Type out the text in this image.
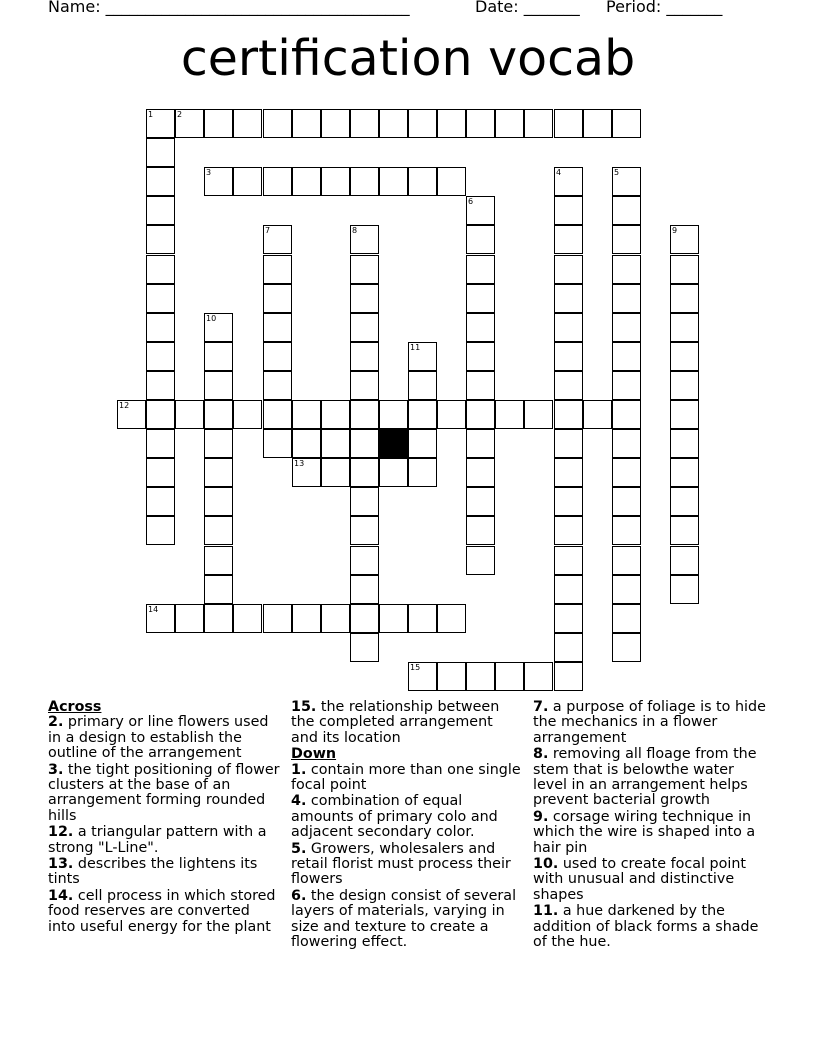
Name: ______________________________________	Date: _______ Period: _______
certification vocab
1	2
3	4	5
6
7	8	9
10
11
12
13
14
15
Across
2. primary or line flowers used in a design to establish the outline of the arrangement
3. the tight positioning of flower clusters at the base of an arrangement forming rounded hills
12. a triangular pattern with a strong "L-Line".
13. describes the lightens its tints
14. cell process in which stored food reserves are converted into useful energy for the plant
15. the relationship between the completed arrangement and its location
Down
1. contain more than one single focal point
4. combination of equal amounts of primary colo and adjacent secondary color.
5. Growers, wholesalers and retail florist must process their flowers
6. the design consist of several layers of materials, varying in size and texture to create a flowering effect.
7. a purpose of foliage is to hide the mechanics in a flower arrangement
8. removing all floage from the stem that is belowthe water level in an arrangement helps prevent bacterial growth
9. corsage wiring technique in which the wire is shaped into a hair pin
10. used to create focal point with unusual and distinctive shapes
11. a hue darkened by the addition of black forms a shade of the hue.
